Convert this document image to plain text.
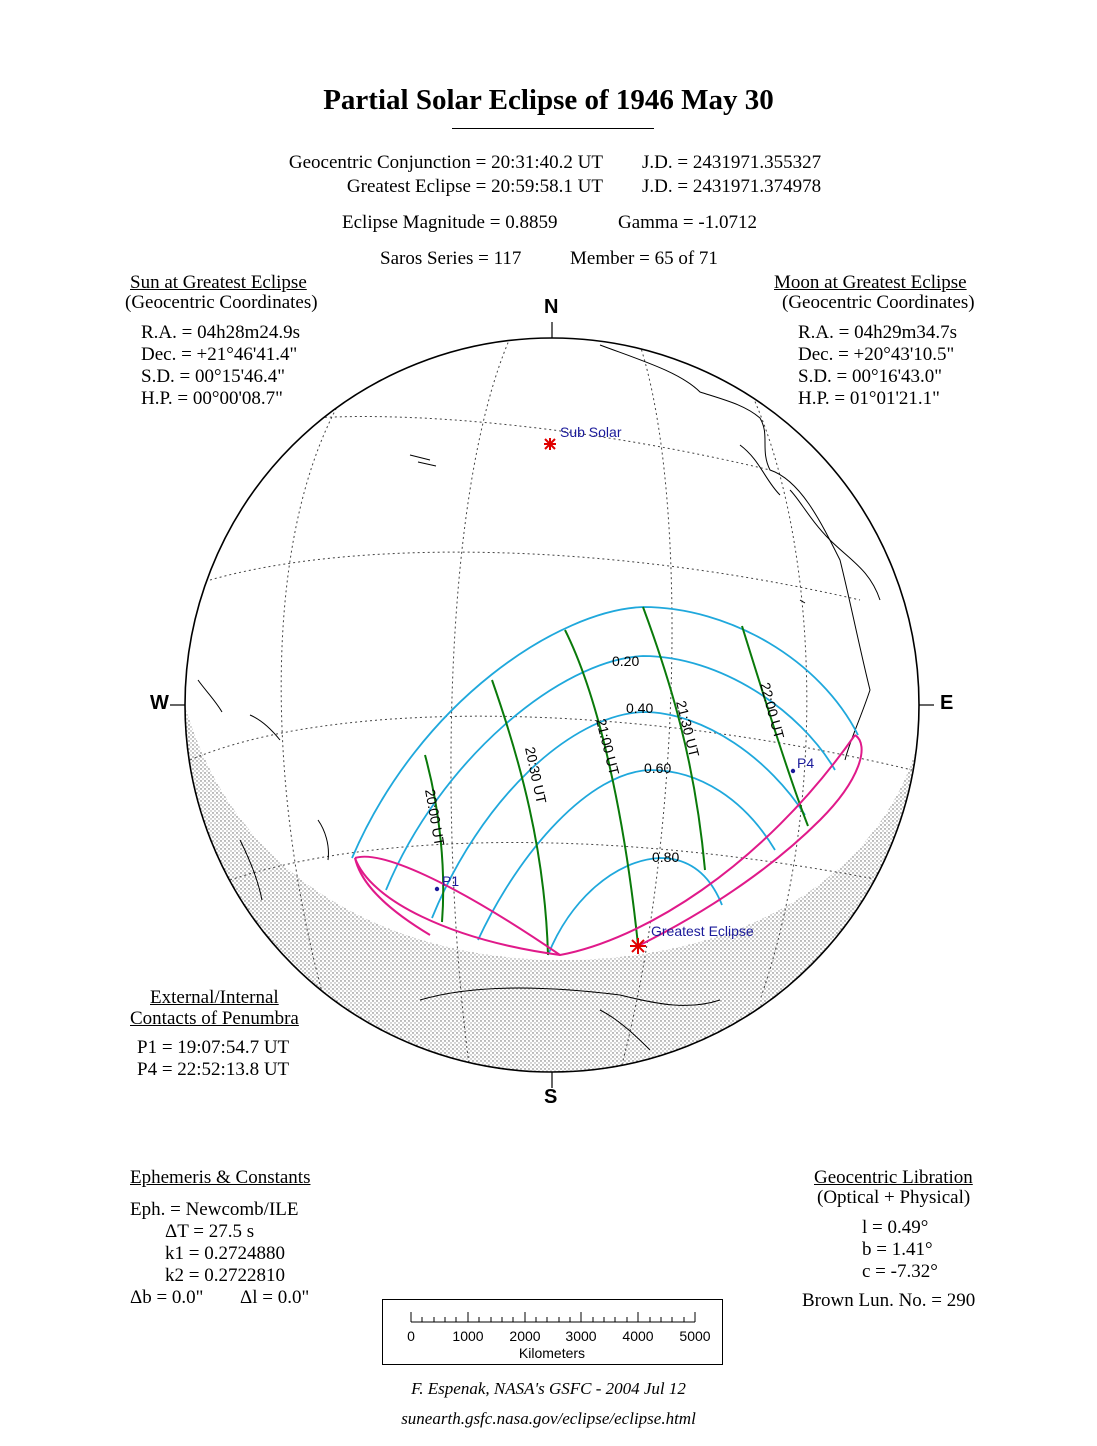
Partial Solar Eclipse of 1946 May 30
Geocentric Conjunction = 20:31:40.2 UT J.D. = 2431971.355327
Greatest Eclipse = 20:59:58.1 UT J.D. = 2431971.374978
Eclipse Magnitude = 0.8859	Gamma = -1.0712
Saros Series = 117	Member = 65 of 71
Sun at Greatest Eclipse
(Geocentric Coordinates)
R.A. = 04h28m24.9s
Dec. = +21°46'41.4"
S.D. = 00°15'46.4"
H.P. = 00°00'08.7"
Moon at Greatest Eclipse
(Geocentric Coordinates)
R.A. = 04h29m34.7s
Dec. = +20°43'10.5"
S.D. = 00°16'43.0"
H.P. = 01°01'21.1"
Sub Solar
Greatest Eclipse
P1
P4
0.20
0.40
0.60
0.80
20:00 UT
20:30 UT	21:00 UT	21:30 UT	22:00 UT
N
S
W	E
External/Internal
Contacts of Penumbra
P1 = 19:07:54.7 UT
P4 = 22:52:13.8 UT
Ephemeris & Constants
Eph. = Newcomb/ILE
ΔT = 27.5 s
k1 = 0.2724880
k2 = 0.2722810
Δb = 0.0" Δl = 0.0"
Geocentric Libration
(Optical + Physical)
l = 0.49°
b = 1.41°
c = -7.32°
Brown Lun. No. = 290
0	1000 2000 3000 4000 5000
Kilometers
F. Espenak, NASA's GSFC - 2004 Jul 12
sunearth.gsfc.nasa.gov/eclipse/eclipse.html
